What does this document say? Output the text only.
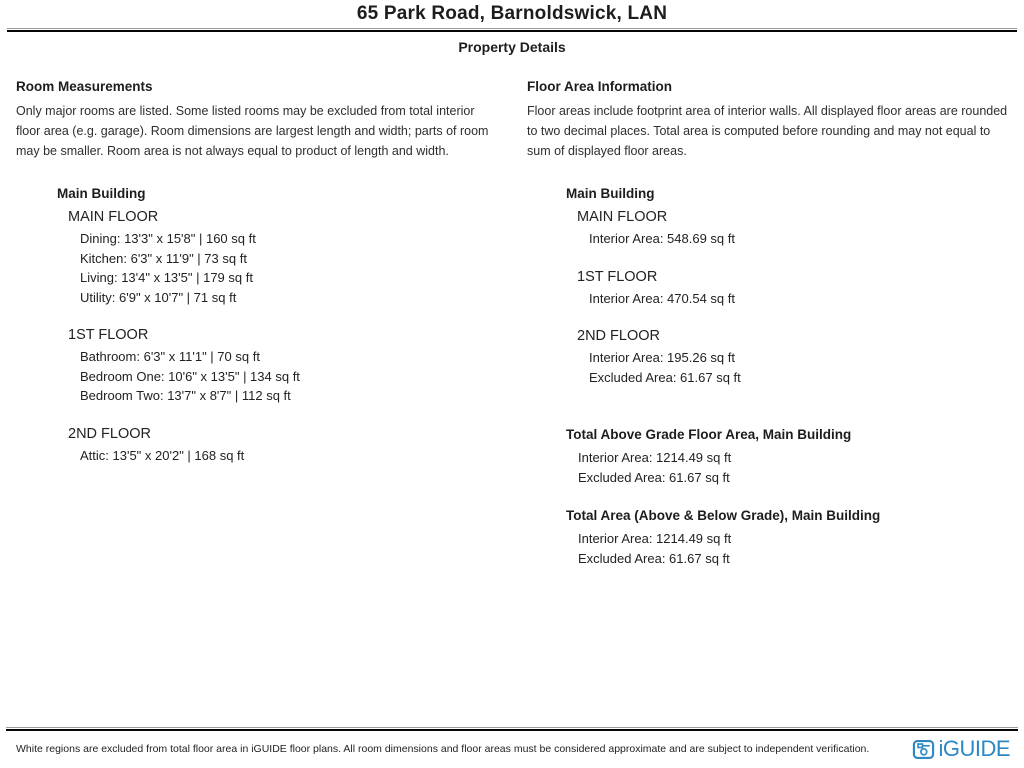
65 Park Road, Barnoldswick, LAN
Property Details
Room Measurements

Only major rooms are listed. Some listed rooms may be excluded from total interior floor area (e.g. garage). Room dimensions are largest length and width; parts of room may be smaller. Room area is not always equal to product of length and width.

Main Building
MAIN FLOOR
Dining: 13'3" x 15'8" | 160 sq ft
Kitchen: 6'3" x 11'9" | 73 sq ft
Living: 13'4" x 13'5" | 179 sq ft
Utility: 6'9" x 10'7" | 71 sq ft
1ST FLOOR
Bathroom: 6'3" x 11'1" | 70 sq ft
Bedroom One: 10'6" x 13'5" | 134 sq ft
Bedroom Two: 13'7" x 8'7" | 112 sq ft
2ND FLOOR
Attic: 13'5" x 20'2" | 168 sq ft
Floor Area Information

Floor areas include footprint area of interior walls. All displayed floor areas are rounded to two decimal places. Total area is computed before rounding and may not equal to sum of displayed floor areas.

Main Building
MAIN FLOOR
Interior Area: 548.69 sq ft
1ST FLOOR
Interior Area: 470.54 sq ft
2ND FLOOR
Interior Area: 195.26 sq ft
Excluded Area: 61.67 sq ft
Total Above Grade Floor Area, Main Building
Interior Area: 1214.49 sq ft
Excluded Area: 61.67 sq ft
Total Area (Above & Below Grade), Main Building
Interior Area: 1214.49 sq ft
Excluded Area: 61.67 sq ft
White regions are excluded from total floor area in iGUIDE floor plans. All room dimensions and floor areas must be considered approximate and are subject to independent verification.	iGUIDE
